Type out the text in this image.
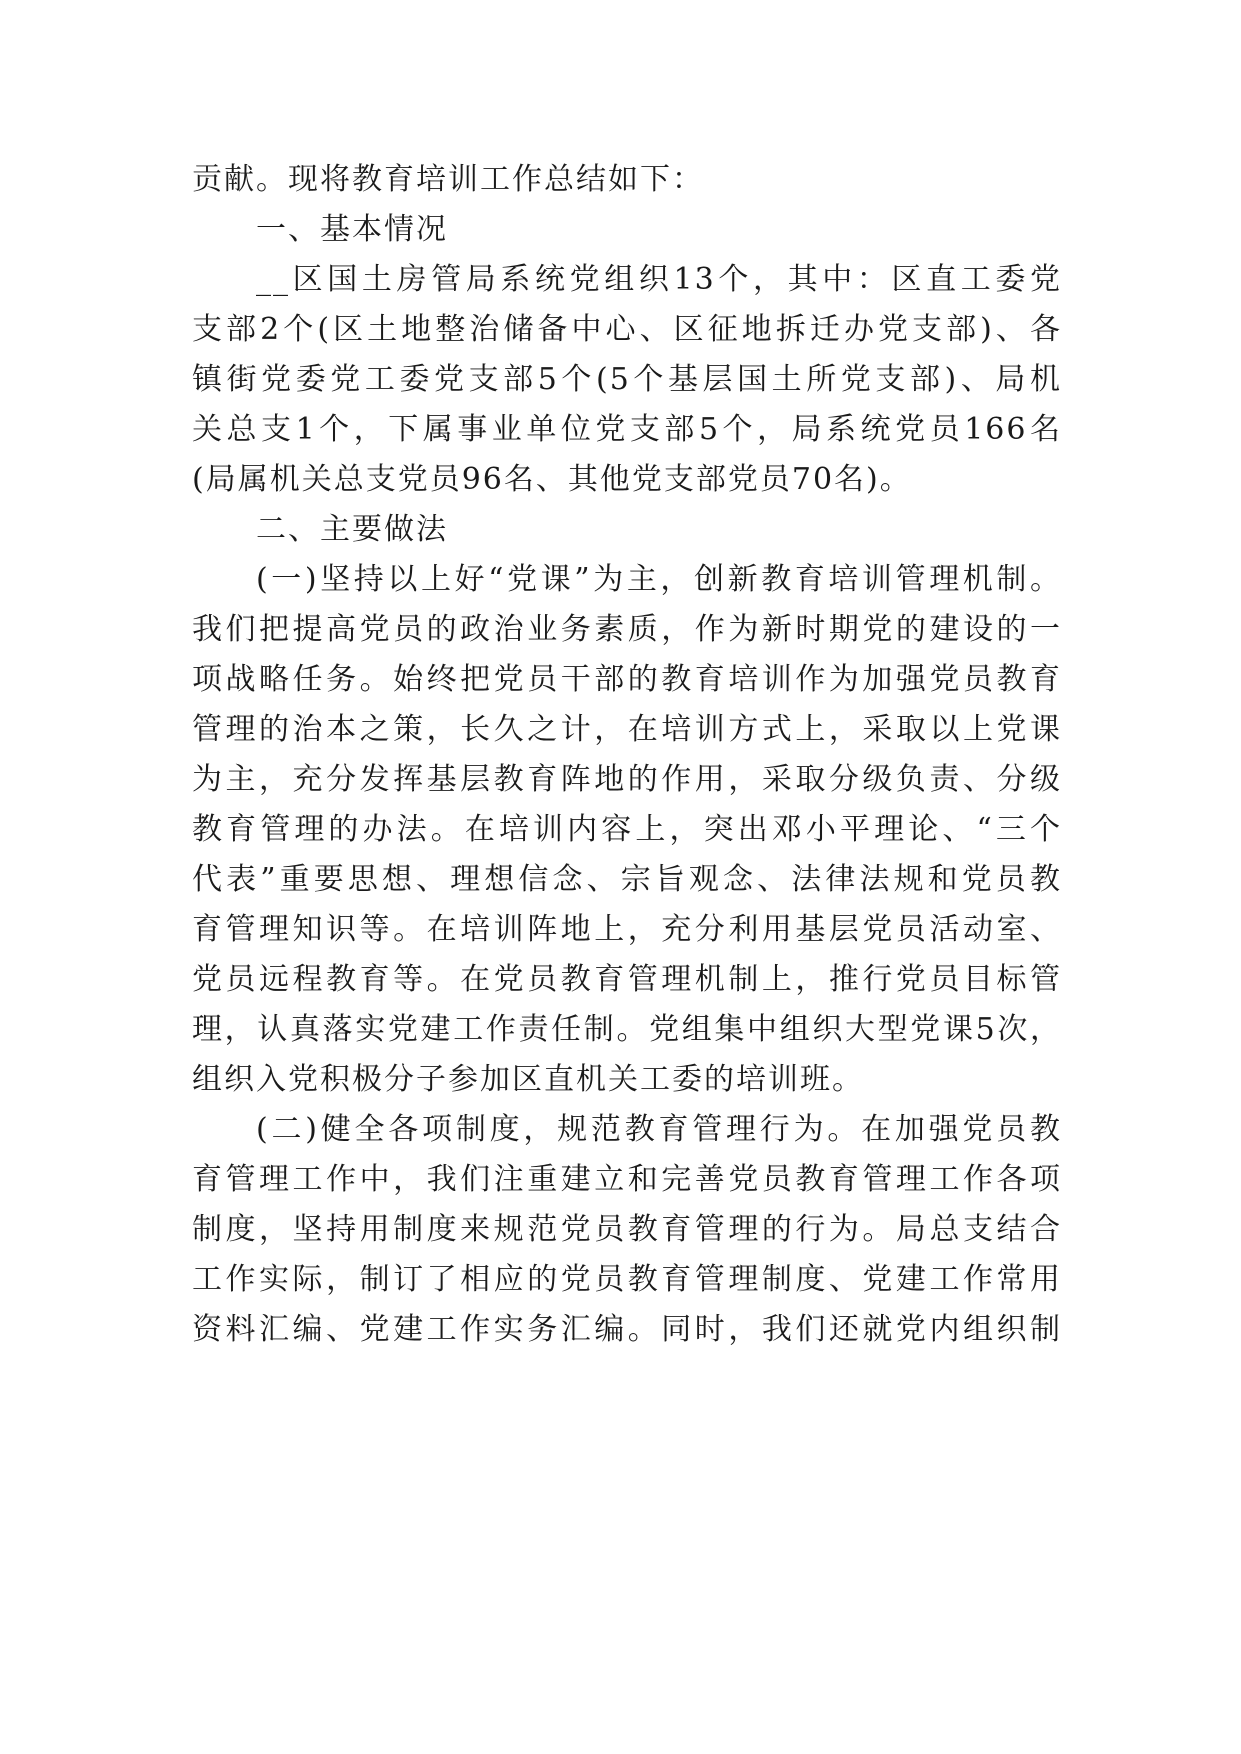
贡献。现将教育培训工作总结如下：
一、基本情况
__区国土房管局系统党组织13个，其中：区直工委党
支部2个(区土地整治储备中心、区征地拆迁办党支部)、各
镇街党委党工委党支部5个(5个基层国土所党支部)、局机
关总支1个，下属事业单位党支部5个，局系统党员166名
(局属机关总支党员96名、其他党支部党员70名)。
二、主要做法
(一)坚持以上好“党课”为主，创新教育培训管理机制。
我们把提高党员的政治业务素质，作为新时期党的建设的一
项战略任务。始终把党员干部的教育培训作为加强党员教育
管理的治本之策，长久之计，在培训方式上，采取以上党课
为主，充分发挥基层教育阵地的作用，采取分级负责、分级
教育管理的办法。在培训内容上，突出邓小平理论、“三个
代表”重要思想、理想信念、宗旨观念、法律法规和党员教
育管理知识等。在培训阵地上，充分利用基层党员活动室、
党员远程教育等。在党员教育管理机制上，推行党员目标管
理，认真落实党建工作责任制。党组集中组织大型党课5次，
组织入党积极分子参加区直机关工委的培训班。
(二)健全各项制度，规范教育管理行为。在加强党员教
育管理工作中，我们注重建立和完善党员教育管理工作各项
制度，坚持用制度来规范党员教育管理的行为。局总支结合
工作实际，制订了相应的党员教育管理制度、党建工作常用
资料汇编、党建工作实务汇编。同时，我们还就党内组织制
